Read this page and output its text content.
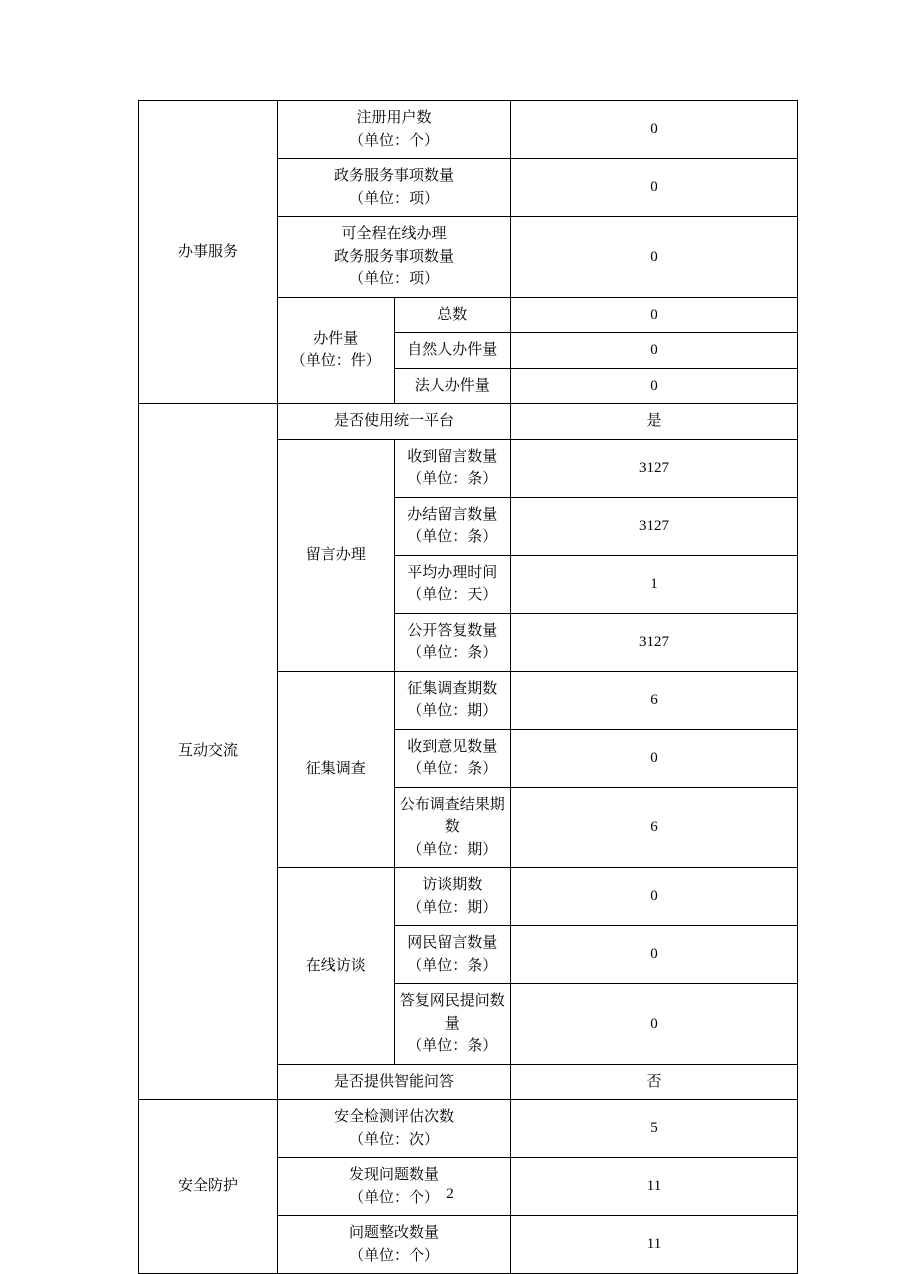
办事服务	注册用户数
（单位：个）		0

	政务服务事项数量
（单位：项）		0

	可全程在线办理
政务服务事项数量
（单位：项）		0

	办件量
（单位：件）	总数	0
		自然人办件量	0
		法人办件量	0
互动交流	是否使用统一平台		是
	留言办理	收到留言数量
（单位：条）	3127

		办结留言数量
（单位：条）	3127

		平均办理时间
（单位：天）	1

		公开答复数量
（单位：条）	3127
	征集调查	征集调查期数
（单位：期）	6

		收到意见数量
（单位：条）	0

		公布调查结果期数
（单位：期）	6
	在线访谈	访谈期数
（单位：期）	0

		网民留言数量
（单位：条）	0

		答复网民提问数量
（单位：条）	0
	是否提供智能问答		否
安全防护	安全检测评估次数
（单位：次）		5

	发现问题数量
（单位：个）		11

	问题整改数量
（单位：个）		11
2
